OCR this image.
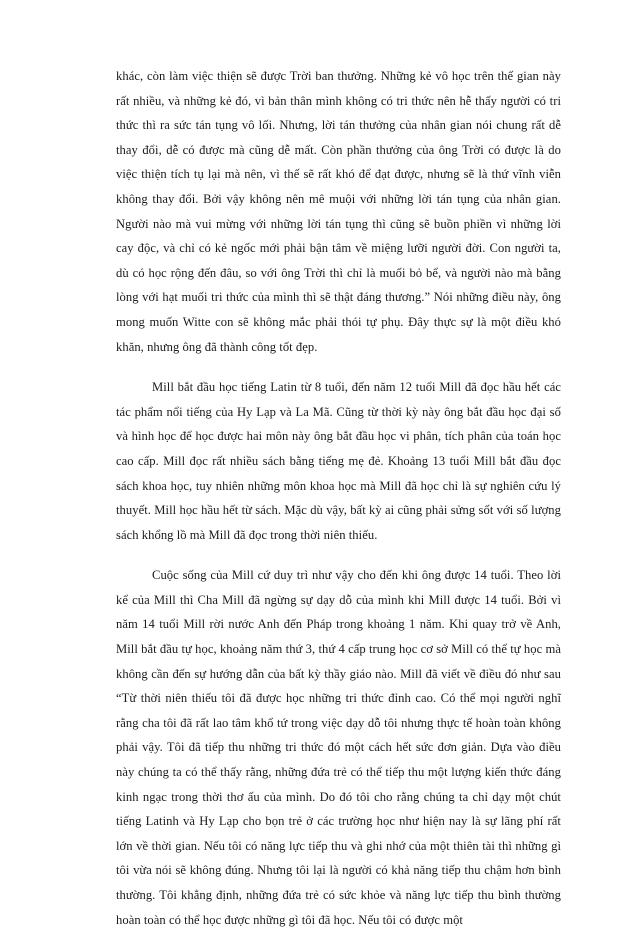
khác, còn làm việc thiện sẽ được Trời ban thưởng. Những kẻ vô học trên thế gian này rất nhiều, và những kẻ đó, vì bản thân mình không có tri thức nên hễ thấy người có tri thức thì ra sức tán tụng vô lối. Nhưng, lời tán thưởng của nhân gian nói chung rất dễ thay đổi, dễ có được mà cũng dễ mất. Còn phần thưởng của ông Trời có được là do việc thiện tích tụ lại mà nên, vì thế sẽ rất khó để đạt được, nhưng sẽ là thứ vĩnh viễn không thay đổi. Bởi vậy không nên mê muội với những lời tán tụng của nhân gian. Người nào mà vui mừng với những lời tán tụng thì cũng sẽ buồn phiền vì những lời cay độc, và chỉ có kẻ ngốc mới phải bận tâm về miệng lưỡi người đời. Con người ta, dù có học rộng đến đâu, so với ông Trời thì chỉ là muối bỏ bể, và người nào mà bằng lòng với hạt muối tri thức của mình thì sẽ thật đáng thương.” Nói những điều này, ông mong muốn Witte con sẽ không mắc phải thói tự phụ. Đây thực sự là một điều khó khăn, nhưng ông đã thành công tốt đẹp.

Mill bắt đầu học tiếng Latin từ 8 tuổi, đến năm 12 tuổi Mill đã đọc hầu hết các tác phẩm nổi tiếng của Hy Lạp và La Mã. Cũng từ thời kỳ này ông bắt đầu học đại số và hình học để học được hai môn này ông bắt đầu học vi phân, tích phân của toán học cao cấp. Mill đọc rất nhiều sách bằng tiếng mẹ đẻ. Khoảng 13 tuổi Mill bắt đầu đọc sách khoa học, tuy nhiên những môn khoa học mà Mill đã học chỉ là sự nghiên cứu lý thuyết. Mill học hầu hết từ sách. Mặc dù vậy, bất kỳ ai cũng phải sửng sốt với số lượng sách khổng lồ mà Mill đã đọc trong thời niên thiếu.

Cuộc sống của Mill cứ duy trì như vậy cho đến khi ông được 14 tuổi. Theo lời kể của Mill thì Cha Mill đã ngừng sự dạy dỗ của mình khi Mill được 14 tuổi. Bởi vì năm 14 tuổi Mill rời nước Anh đến Pháp trong khoảng 1 năm. Khi quay trở về Anh, Mill bắt đầu tự học, khoảng năm thứ 3, thứ 4 cấp trung học cơ sở Mill có thể tự học mà không cần đến sự hướng dẫn của bất kỳ thầy giáo nào. Mill đã viết về điều đó như sau “Từ thời niên thiếu tôi đã được học những tri thức đỉnh cao. Có thể mọi người nghĩ rằng cha tôi đã rất lao tâm khổ tứ trong việc dạy dỗ tôi nhưng thực tế hoàn toàn không phải vậy. Tôi đã tiếp thu những tri thức đó một cách hết sức đơn giản. Dựa vào điều này chúng ta có thể thấy rằng, những đứa trẻ có thể tiếp thu một lượng kiến thức đáng kinh ngạc trong thời thơ ấu của mình. Do đó tôi cho rằng chúng ta chỉ dạy một chút tiếng Latinh và Hy Lạp cho bọn trẻ ở các trường học như hiện nay là sự lãng phí rất lớn về thời gian. Nếu tôi có năng lực tiếp thu và ghi nhớ của một thiên tài thì những gì tôi vừa nói sẽ không đúng. Nhưng tôi lại là người có khả năng tiếp thu chậm hơn bình thường. Tôi khẳng định, những đứa trẻ có sức khỏe và năng lực tiếp thu bình thường hoàn toàn có thể học được những gì tôi đã học. Nếu tôi có được một
